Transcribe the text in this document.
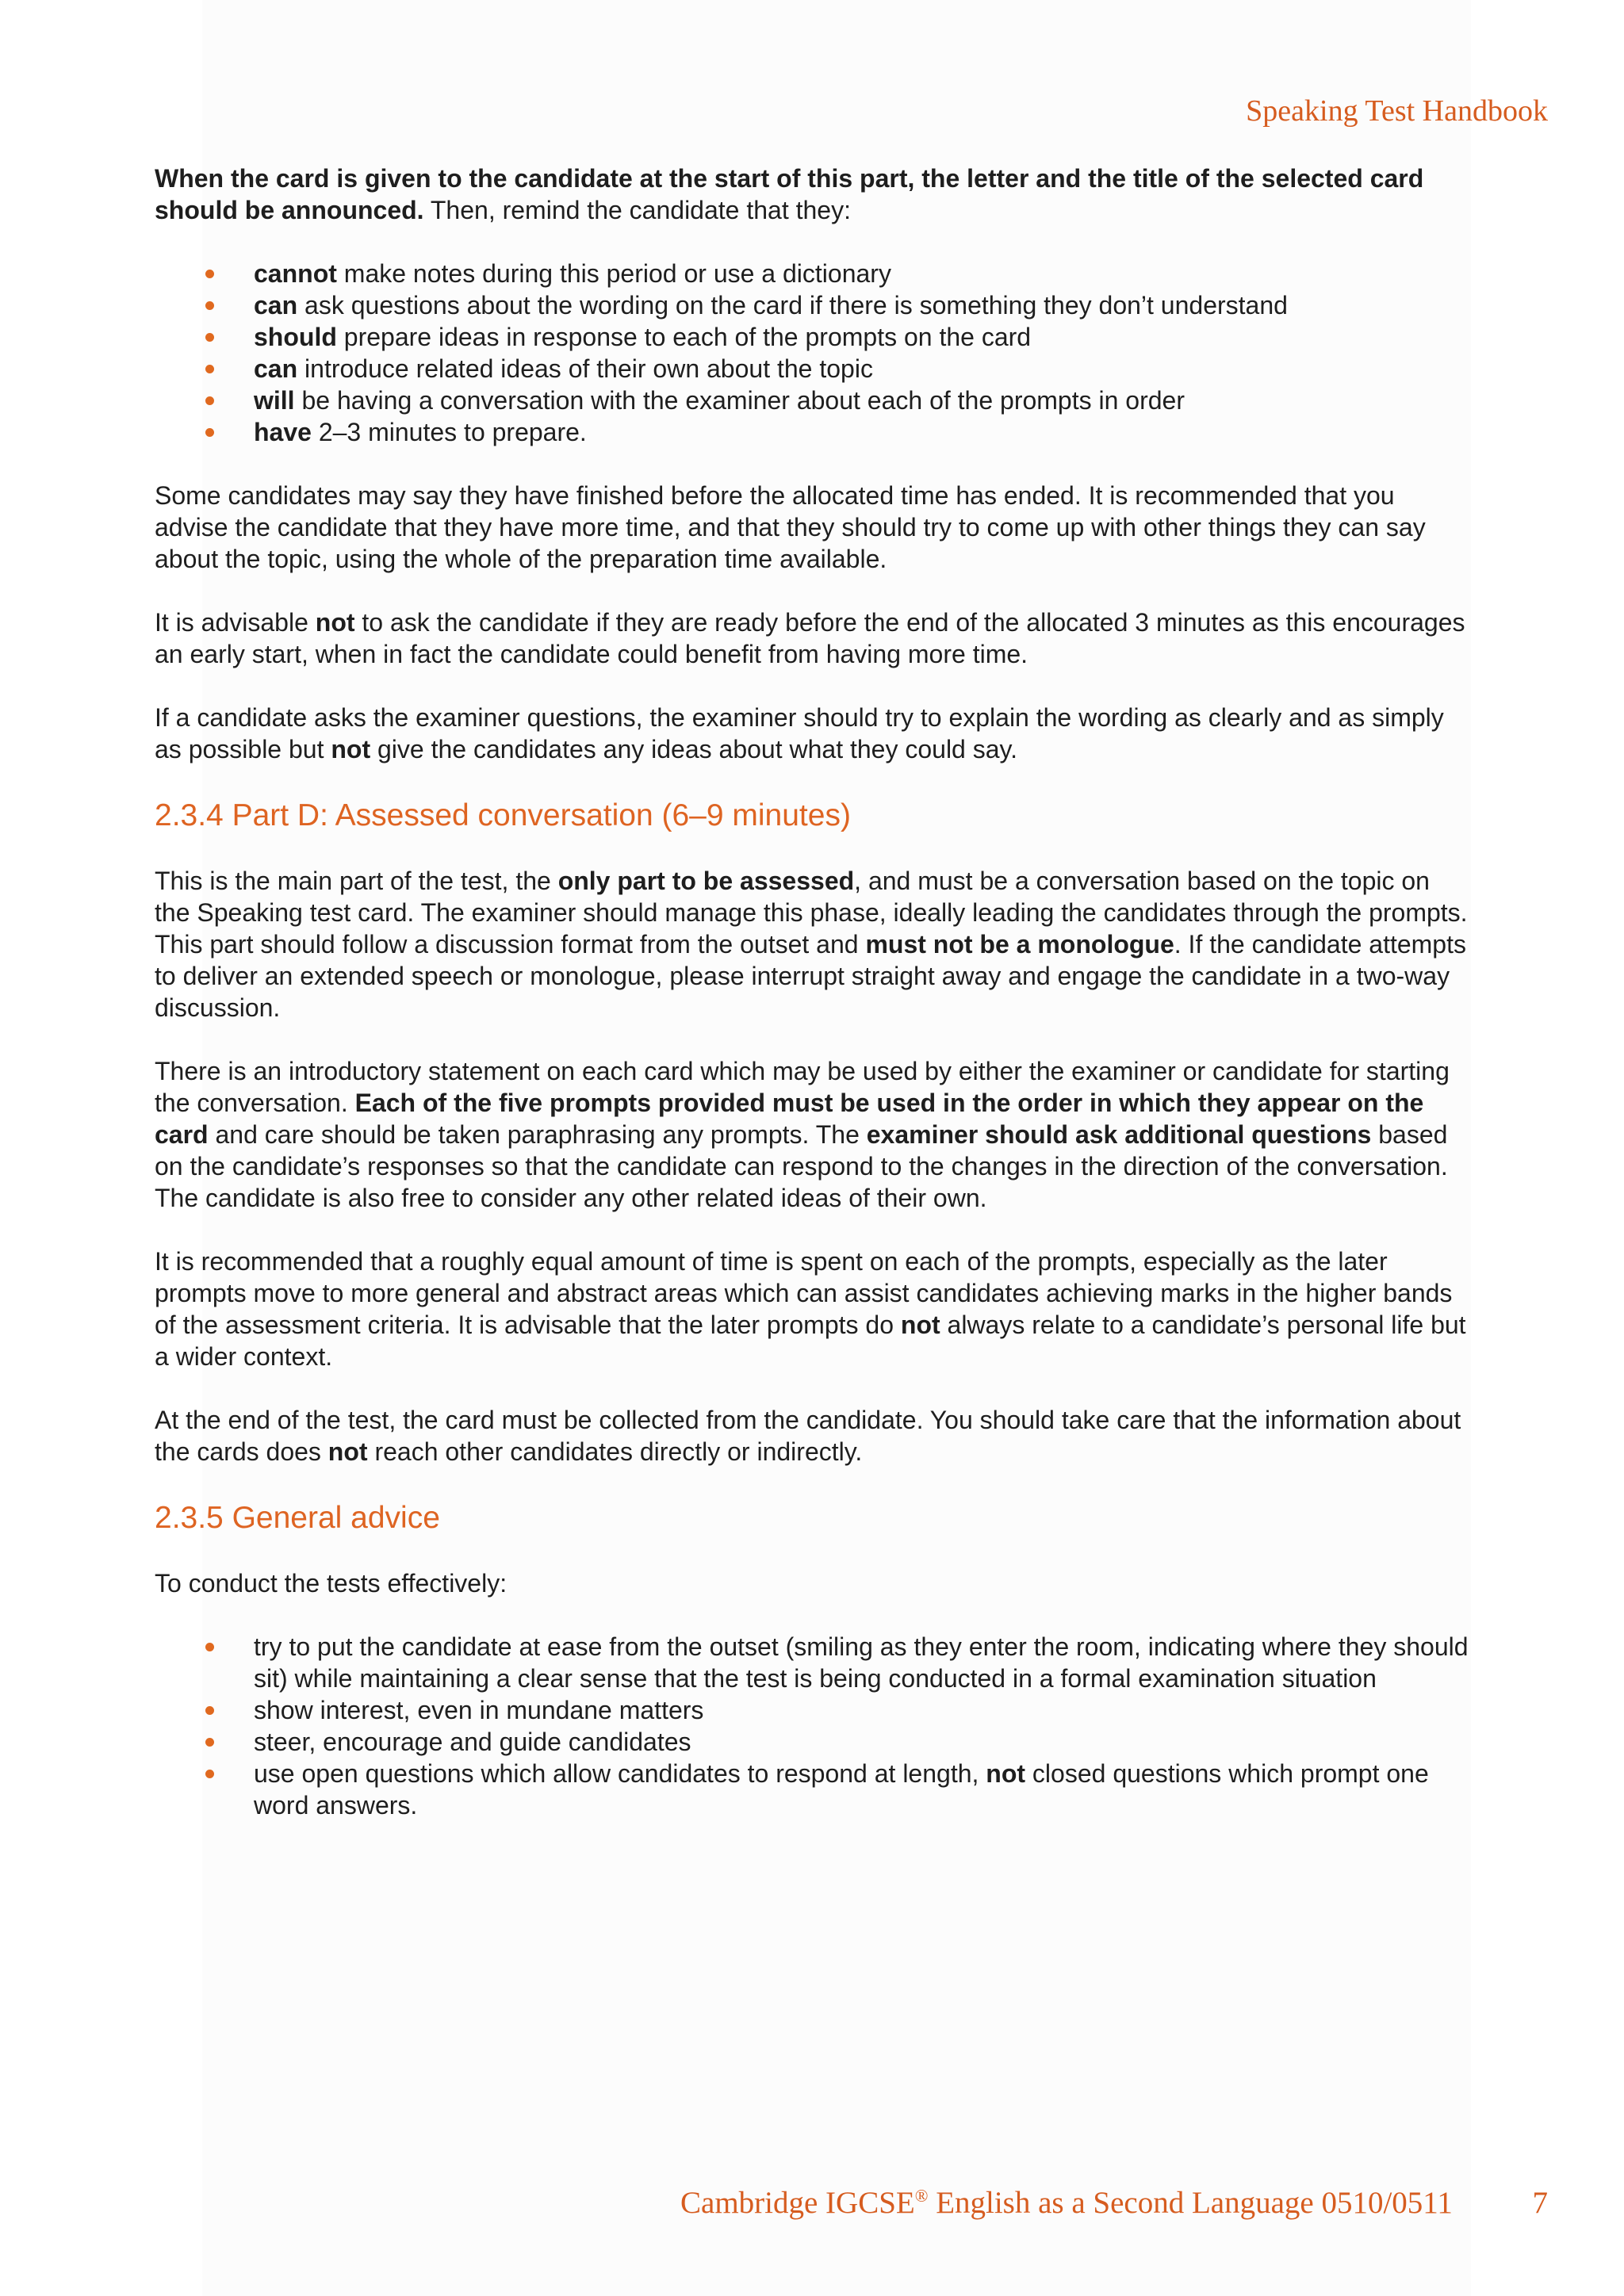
Speaking Test Handbook

When the card is given to the candidate at the start of this part, the letter and the title of the selected card should be announced. Then, remind the candidate that they:

cannot make notes during this period or use a dictionary
can ask questions about the wording on the card if there is something they don’t understand
should prepare ideas in response to each of the prompts on the card
can introduce related ideas of their own about the topic
will be having a conversation with the examiner about each of the prompts in order
have 2–3 minutes to prepare.

Some candidates may say they have finished before the allocated time has ended. It is recommended that you advise the candidate that they have more time, and that they should try to come up with other things they can say about the topic, using the whole of the preparation time available.

It is advisable not to ask the candidate if they are ready before the end of the allocated 3 minutes as this encourages an early start, when in fact the candidate could benefit from having more time.

If a candidate asks the examiner questions, the examiner should try to explain the wording as clearly and as simply as possible but not give the candidates any ideas about what they could say.

2.3.4 Part D: Assessed conversation (6–9 minutes)

This is the main part of the test, the only part to be assessed, and must be a conversation based on the topic on the Speaking test card. The examiner should manage this phase, ideally leading the candidates through the prompts. This part should follow a discussion format from the outset and must not be a monologue. If the candidate attempts to deliver an extended speech or monologue, please interrupt straight away and engage the candidate in a two-way discussion.

There is an introductory statement on each card which may be used by either the examiner or candidate for starting the conversation. Each of the five prompts provided must be used in the order in which they appear on the card and care should be taken paraphrasing any prompts. The examiner should ask additional questions based on the candidate’s responses so that the candidate can respond to the changes in the direction of the conversation. The candidate is also free to consider any other related ideas of their own.

It is recommended that a roughly equal amount of time is spent on each of the prompts, especially as the later prompts move to more general and abstract areas which can assist candidates achieving marks in the higher bands of the assessment criteria. It is advisable that the later prompts do not always relate to a candidate’s personal life but a wider context.

At the end of the test, the card must be collected from the candidate. You should take care that the information about the cards does not reach other candidates directly or indirectly.

2.3.5 General advice

To conduct the tests effectively:

try to put the candidate at ease from the outset (smiling as they enter the room, indicating where they should sit) while maintaining a clear sense that the test is being conducted in a formal examination situation
show interest, even in mundane matters
steer, encourage and guide candidates
use open questions which allow candidates to respond at length, not closed questions which prompt one word answers.
Cambridge IGCSE® English as a Second Language 0510/0511	7
